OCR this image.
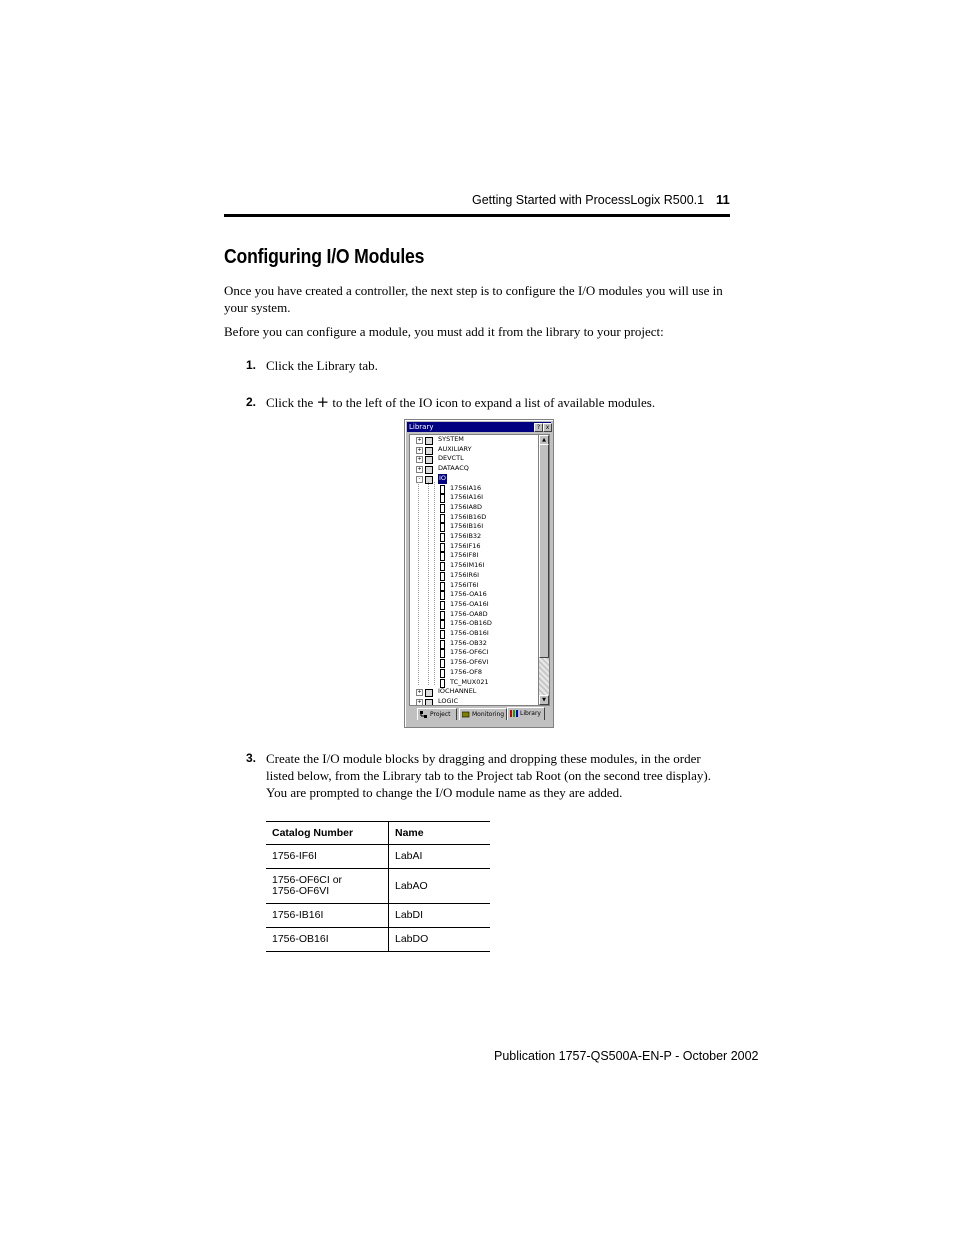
Getting Started with ProcessLogix R500.1 11
Configuring I/O Modules
Once you have created a controller, the next step is to configure the I/O modules you will use in your system.
Before you can configure a module, you must add it from the library to your project:
1. Click the Library tab.
2. Click the + to the left of the IO icon to expand a list of available modules.
Library	? x
+	SYSTEM
+	AUXILIARY
+	DEVCTL
+	DATAACQ
-	IO
1756IA16
1756IA16I
1756IA8D
1756IB16D
1756IB16I
1756IB32
1756IF16
1756IF8I
1756IM16I
1756IR6I
1756IT6I
1756-OA16
1756-OA16I
1756-OA8D
1756-OB16D
1756-OB16I
1756-OB32
1756-OF6CI
1756-OF6VI
1756-OF8
TC_MUX021
+	IOCHANNEL
+	LOGIC
▲
▼
Project	Monitoring	Library
3. Create the I/O module blocks by dragging and dropping these modules, in the order listed below, from the Library tab to the Project tab Root (on the second tree display). You are prompted to change the I/O module name as they are added.
Catalog Number	Name
1756-IF6I	LabAI
1756-OF6CI or
1756-OF6VI	LabAO
1756-IB16I	LabDI
1756-OB16I	LabDO
Publication 1757-QS500A-EN-P - October 2002
